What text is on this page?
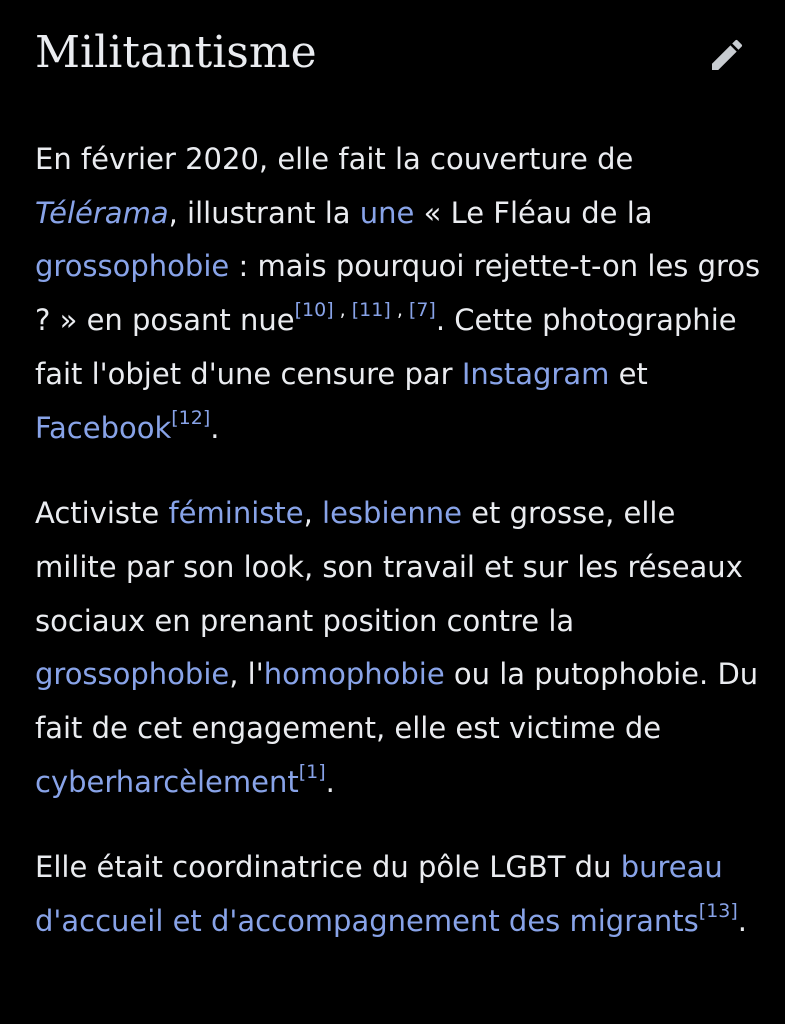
Militantisme

En février 2020, elle fait la couverture de Télérama, illustrant la une « Le Fléau de la grossophobie : mais pourquoi rejette-t-on les gros ? » en posant nue[10] , [11] , [7]. Cette photographie fait l'objet d'une censure par Instagram et Facebook[12].

Activiste féministe, lesbienne et grosse, elle milite par son look, son travail et sur les réseaux sociaux en prenant position contre la grossophobie, l'homophobie ou la putophobie. Du fait de cet engagement, elle est victime de cyberharcèlement[1].

Elle était coordinatrice du pôle LGBT du bureau d'accueil et d'accompagnement des migrants[13].
